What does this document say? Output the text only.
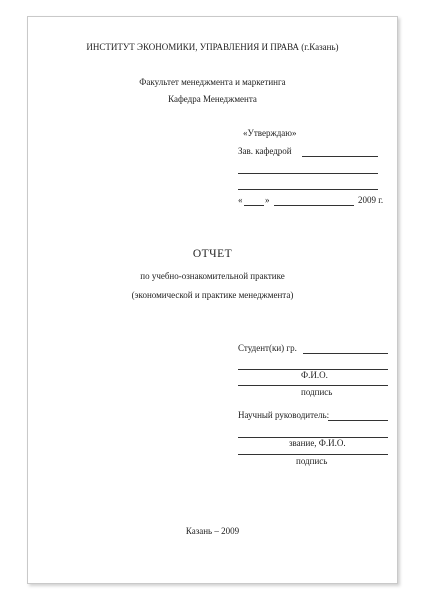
ИНСТИТУТ ЭКОНОМИКИ, УПРАВЛЕНИЯ И ПРАВА (г.Казань)
Факультет менеджмента и маркетинга
Кафедра Менеджмента
«Утверждаю»
Зав. кафедрой
«	»	2009 г.
ОТЧЕТ
по учебно-ознакомительной практике
(экономической и практике менеджмента)
Студент(ки) гр.
Ф.И.О.
подпись
Научный руководитель:
звание, Ф.И.О.
подпись
Казань – 2009
